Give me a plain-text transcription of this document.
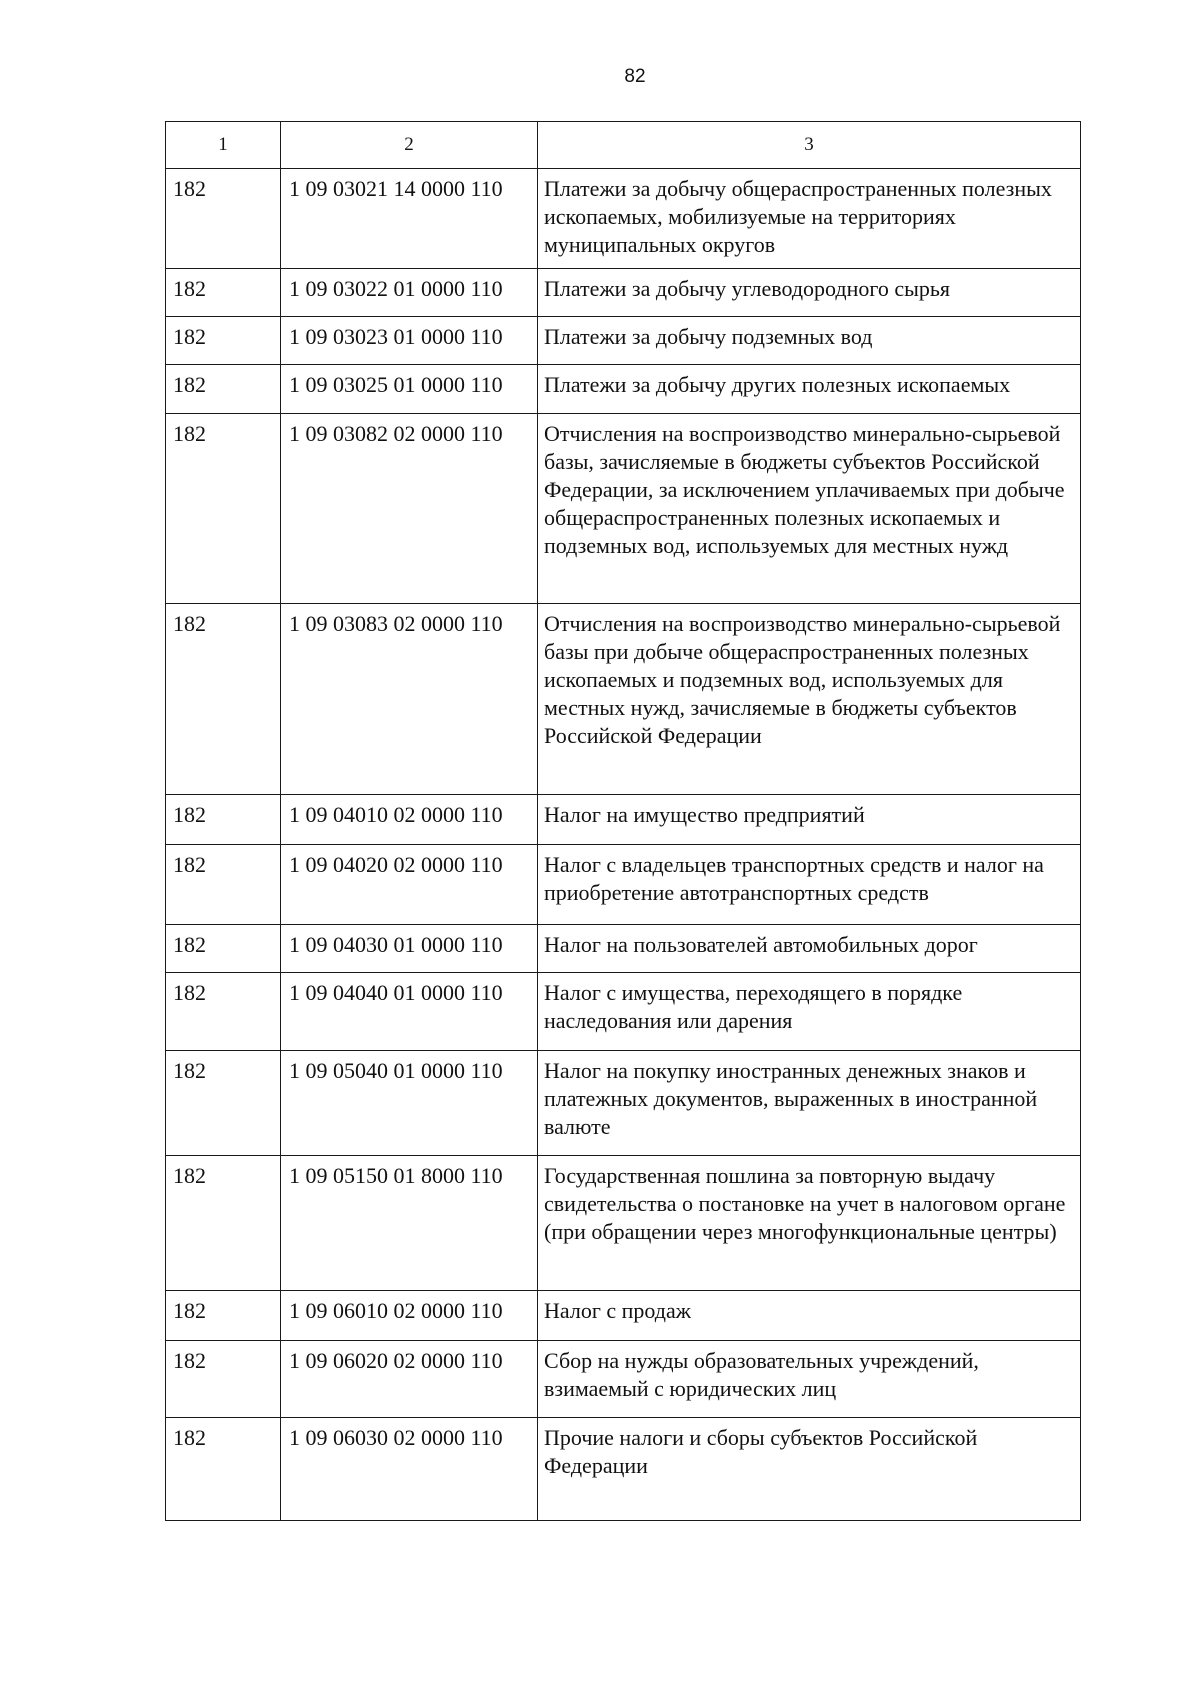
82
1	2	3
182	1 09 03021 14 0000 110	Платежи за добычу общераспространенных полезных ископаемых, мобилизуемые на территориях муниципальных округов
182	1 09 03022 01 0000 110	Платежи за добычу углеводородного сырья
182	1 09 03023 01 0000 110	Платежи за добычу подземных вод
182	1 09 03025 01 0000 110	Платежи за добычу других полезных ископаемых
182	1 09 03082 02 0000 110	Отчисления на воспроизводство минерально-сырьевой базы, зачисляемые в бюджеты субъектов Российской Федерации, за исключением уплачиваемых при добыче общераспространенных полезных ископаемых и подземных вод, используемых для местных нужд
182	1 09 03083 02 0000 110	Отчисления на воспроизводство минерально-сырьевой базы при добыче общераспространенных полезных ископаемых и подземных вод, используемых для местных нужд, зачисляемые в бюджеты субъектов Российской Федерации
182	1 09 04010 02 0000 110	Налог на имущество предприятий
182	1 09 04020 02 0000 110	Налог с владельцев транспортных средств и налог на приобретение автотранспортных средств
182	1 09 04030 01 0000 110	Налог на пользователей автомобильных дорог
182	1 09 04040 01 0000 110	Налог с имущества, переходящего в порядке наследования или дарения
182	1 09 05040 01 0000 110	Налог на покупку иностранных денежных знаков и платежных документов, выраженных в иностранной валюте
182	1 09 05150 01 8000 110	Государственная пошлина за повторную выдачу свидетельства о постановке на учет в налоговом органе (при обращении через многофункциональные центры)
182	1 09 06010 02 0000 110	Налог с продаж
182	1 09 06020 02 0000 110	Сбор на нужды образовательных учреждений, взимаемый с юридических лиц
182	1 09 06030 02 0000 110	Прочие налоги и сборы субъектов Российской Федерации
